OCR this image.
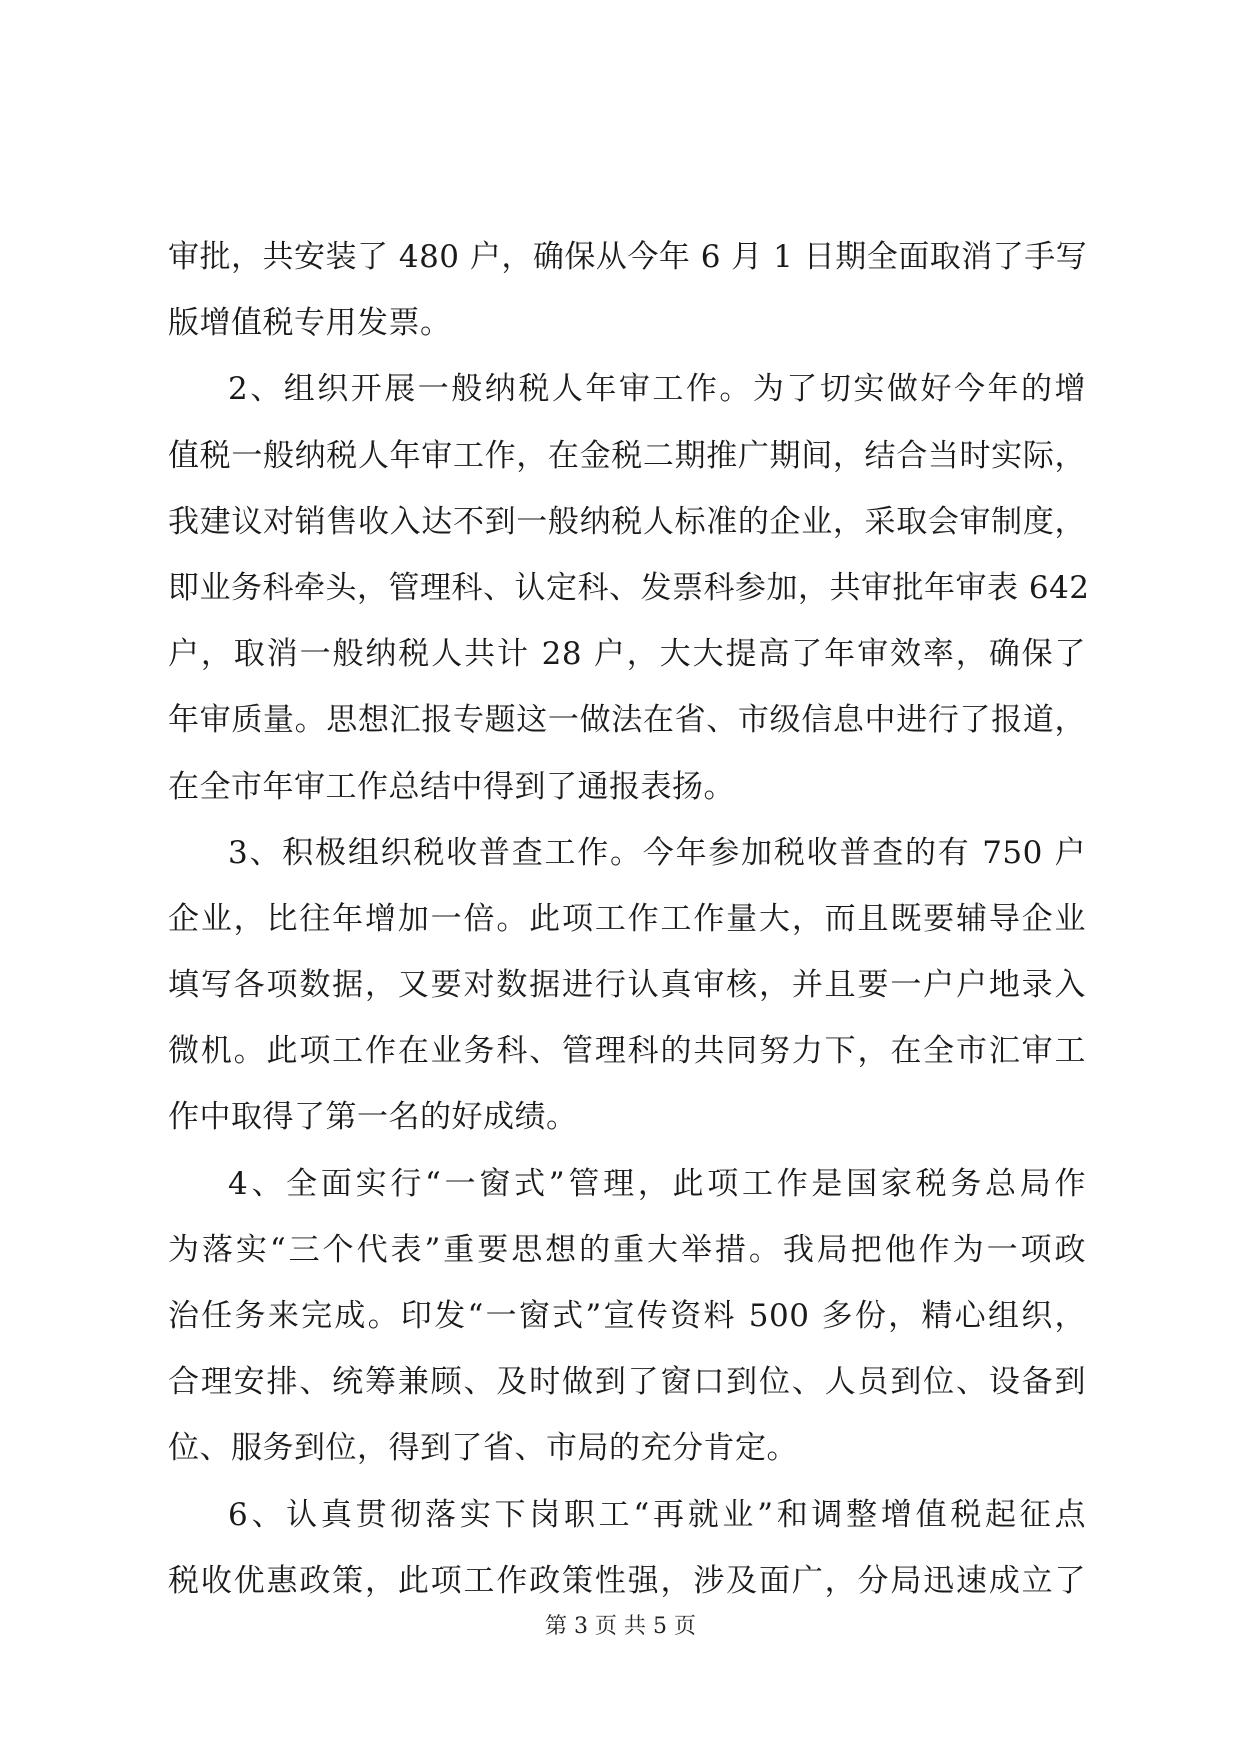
审批，共安装了 480 户，确保从今年 6 月 1 日期全面取消了手写
版增值税专用发票。
2、组织开展一般纳税人年审工作。为了切实做好今年的增
值税一般纳税人年审工作，在金税二期推广期间，结合当时实际，
我建议对销售收入达不到一般纳税人标准的企业，采取会审制度，
即业务科牵头，管理科、认定科、发票科参加，共审批年审表 642
户，取消一般纳税人共计 28 户，大大提高了年审效率，确保了
年审质量。思想汇报专题这一做法在省、市级信息中进行了报道，
在全市年审工作总结中得到了通报表扬。
3、积极组织税收普查工作。今年参加税收普查的有 750 户
企业，比往年增加一倍。此项工作工作量大，而且既要辅导企业
填写各项数据，又要对数据进行认真审核，并且要一户户地录入
微机。此项工作在业务科、管理科的共同努力下，在全市汇审工
作中取得了第一名的好成绩。
4、全面实行“一窗式”管理，此项工作是国家税务总局作
为落实“三个代表”重要思想的重大举措。我局把他作为一项政
治任务来完成。印发“一窗式”宣传资料 500 多份，精心组织，
合理安排、统筹兼顾、及时做到了窗口到位、人员到位、设备到
位、服务到位，得到了省、市局的充分肯定。
6、认真贯彻落实下岗职工“再就业”和调整增值税起征点
税收优惠政策，此项工作政策性强，涉及面广，分局迅速成立了
第 3 页 共 5 页
